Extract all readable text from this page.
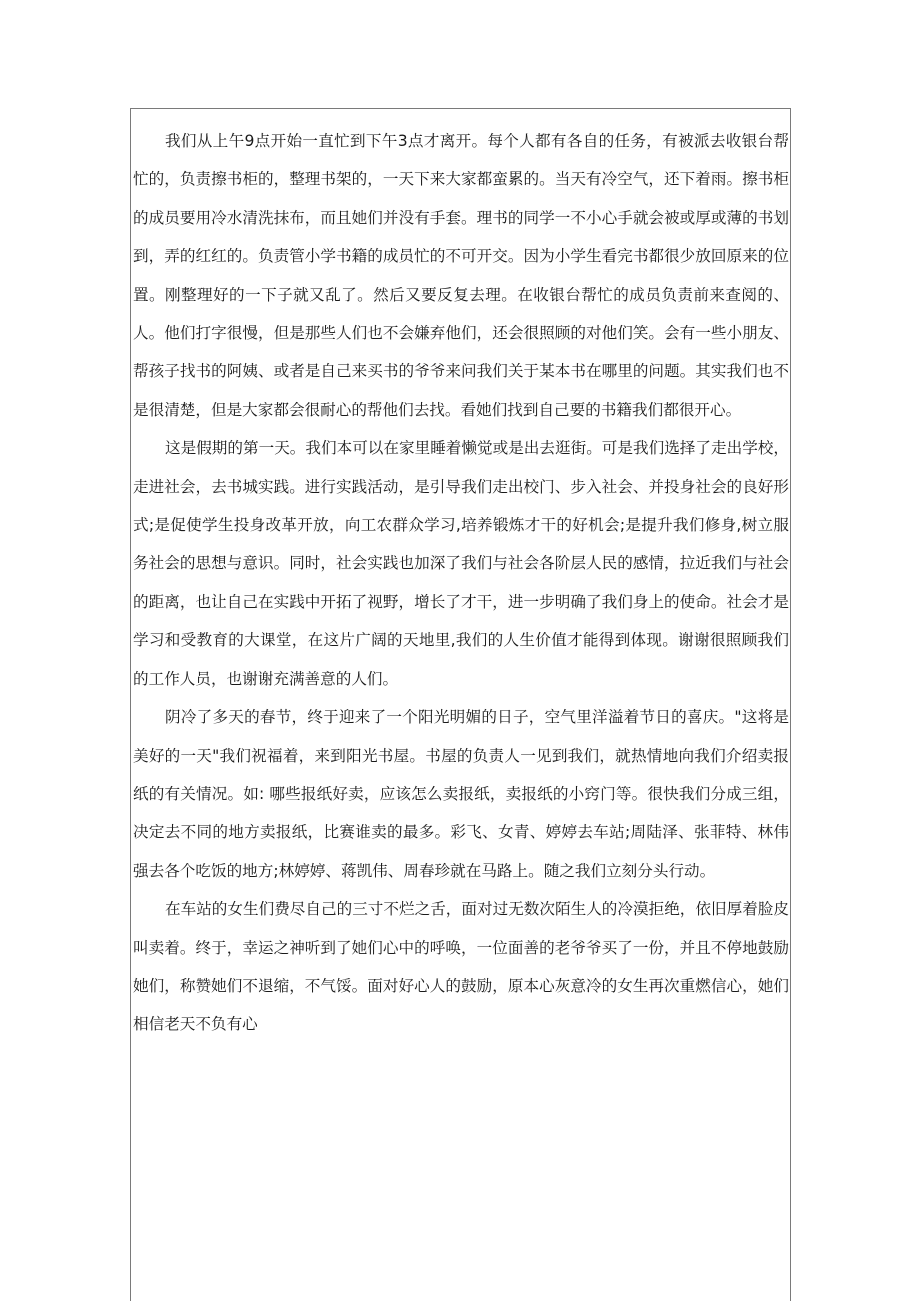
我们从上午9点开始一直忙到下午3点才离开。每个人都有各自的任务，有被派去收银台帮忙的，负责擦书柜的，整理书架的，一天下来大家都蛮累的。当天有冷空气，还下着雨。擦书柜的成员要用冷水清洗抹布，而且她们并没有手套。理书的同学一不小心手就会被或厚或薄的书划到，弄的红红的。负责管小学书籍的成员忙的不可开交。因为小学生看完书都很少放回原来的位置。刚整理好的一下子就又乱了。然后又要反复去理。在收银台帮忙的成员负责前来查阅的、人。他们打字很慢，但是那些人们也不会嫌弃他们，还会很照顾的对他们笑。会有一些小朋友、帮孩子找书的阿姨、或者是自己来买书的爷爷来问我们关于某本书在哪里的问题。其实我们也不是很清楚，但是大家都会很耐心的帮他们去找。看她们找到自己要的书籍我们都很开心。

这是假期的第一天。我们本可以在家里睡着懒觉或是出去逛街。可是我们选择了走出学校，走进社会，去书城实践。进行实践活动，是引导我们走出校门、步入社会、并投身社会的良好形式;是促使学生投身改革开放，向工农群众学习,培养锻炼才干的好机会;是提升我们修身,树立服务社会的思想与意识。同时，社会实践也加深了我们与社会各阶层人民的感情，拉近我们与社会的距离，也让自己在实践中开拓了视野，增长了才干，进一步明确了我们身上的使命。社会才是学习和受教育的大课堂，在这片广阔的天地里,我们的人生价值才能得到体现。谢谢很照顾我们的工作人员，也谢谢充满善意的人们。

阴冷了多天的春节，终于迎来了一个阳光明媚的日子，空气里洋溢着节日的喜庆。"这将是美好的一天"我们祝福着，来到阳光书屋。书屋的负责人一见到我们，就热情地向我们介绍卖报纸的有关情况。如: 哪些报纸好卖，应该怎么卖报纸，卖报纸的小窍门等。很快我们分成三组，决定去不同的地方卖报纸，比赛谁卖的最多。彩飞、女青、婷婷去车站;周陆泽、张菲特、林伟强去各个吃饭的地方;林婷婷、蒋凯伟、周春珍就在马路上。随之我们立刻分头行动。

在车站的女生们费尽自己的三寸不烂之舌，面对过无数次陌生人的冷漠拒绝，依旧厚着脸皮叫卖着。终于，幸运之神听到了她们心中的呼唤，一位面善的老爷爷买了一份，并且不停地鼓励她们，称赞她们不退缩，不气馁。面对好心人的鼓励，原本心灰意冷的女生再次重燃信心，她们相信老天不负有心
